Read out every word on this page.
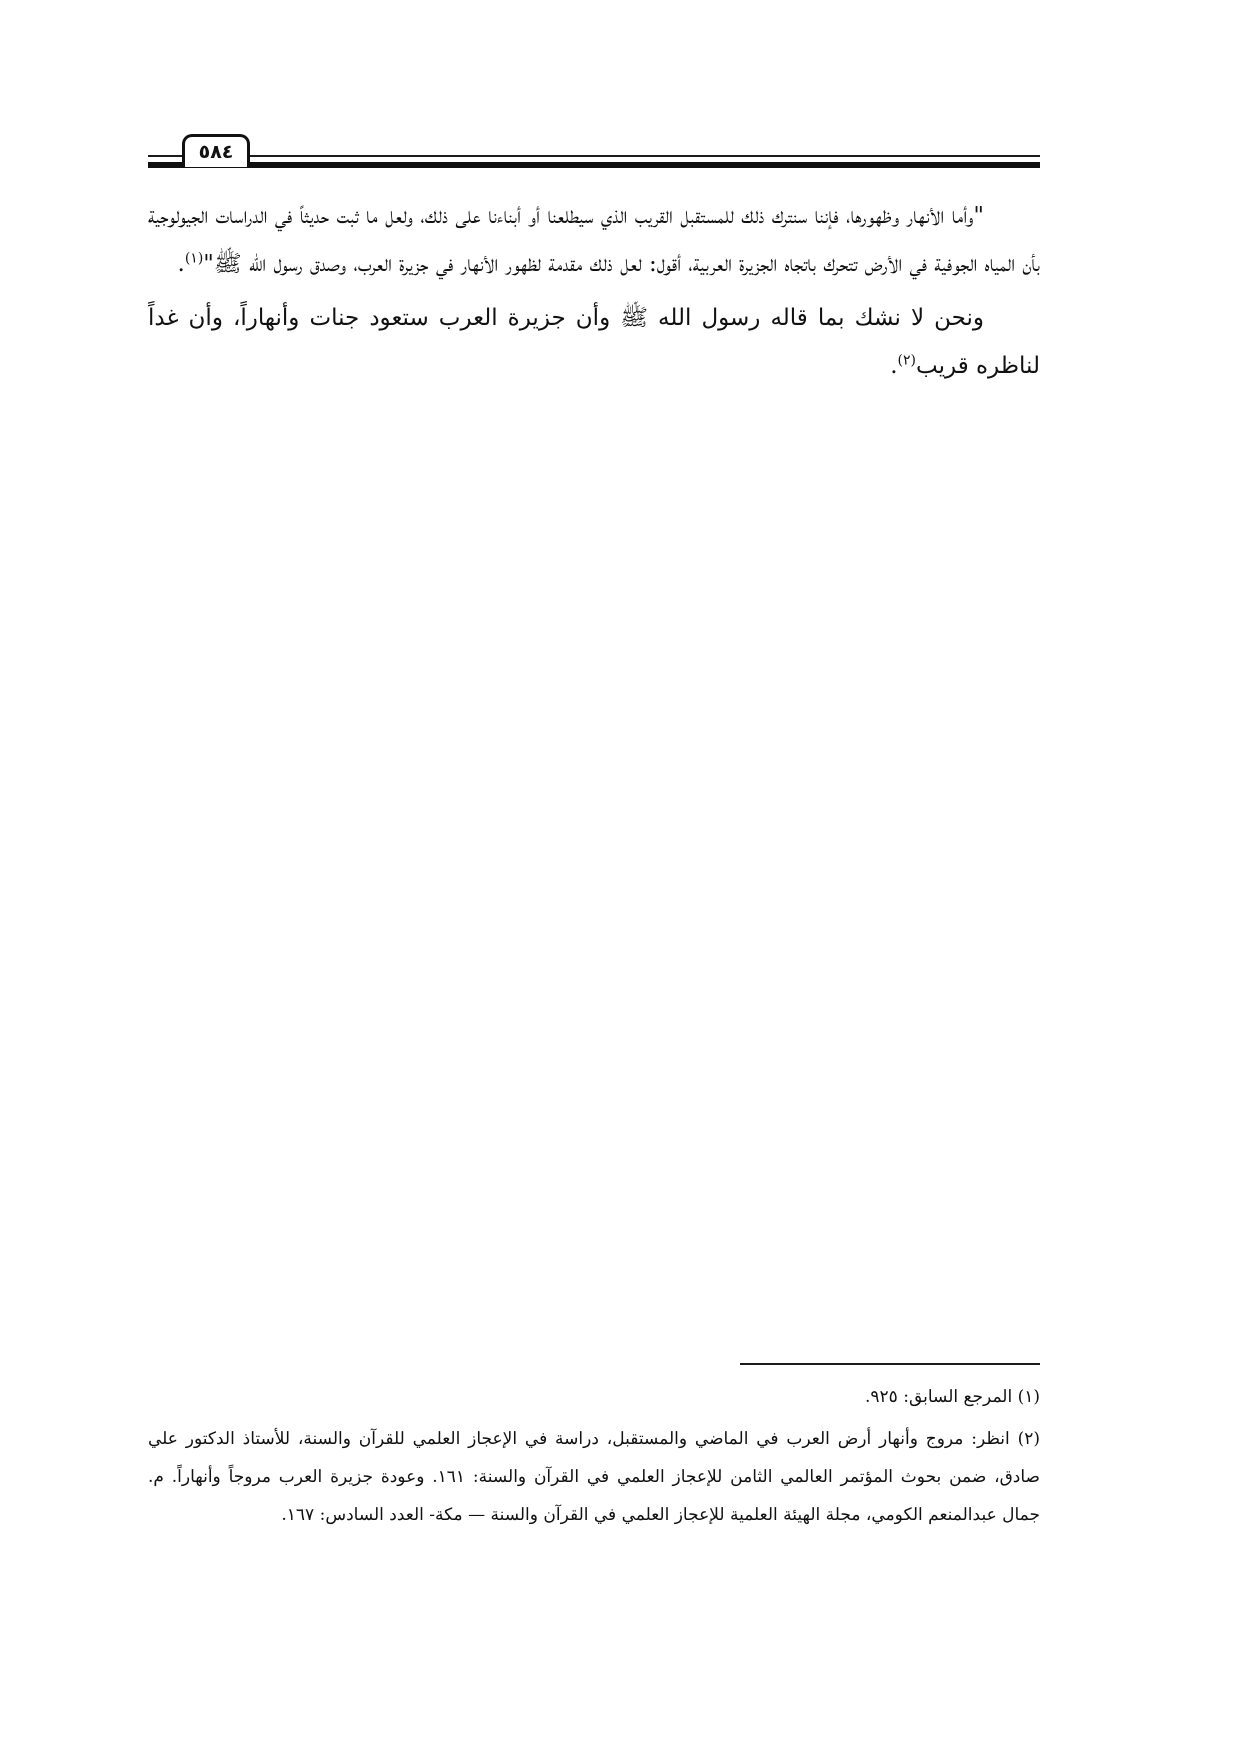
٥٨٤

"وأما الأنهار وظهورها، فإننا سنترك ذلك للمستقبل القريب الذي سيطلعنا أو أبناءنا على ذلك، ولعل ما ثبت حديثاً في الدراسات الجيولوجية بأن المياه الجوفية في الأرض تتحرك باتجاه الجزيرة العربية، أقول: لعل ذلك مقدمة لظهور الأنهار في جزيرة العرب، وصدق رسول الله ﷺ"$^{(١)}$.

ونحن لا نشك بما قاله رسول الله ﷺ وأن جزيرة العرب ستعود جنات وأنهاراً، وأن غداً لناظره قريب$^{(٢)}$.

(١) المرجع السابق: ٩٢٥.

(٢) انظر: مروج وأنهار أرض العرب في الماضي والمستقبل، دراسة في الإعجاز العلمي للقرآن والسنة، للأستاذ الدكتور علي صادق، ضمن بحوث المؤتمر العالمي الثامن للإعجاز العلمي في القرآن والسنة: ١٦١. وعودة جزيرة العرب مروجاً وأنهاراً. م. جمال عبدالمنعم الكومي، مجلة الهيئة العلمية للإعجاز العلمي في القرآن والسنة — مكة- العدد السادس: ١٦٧.
